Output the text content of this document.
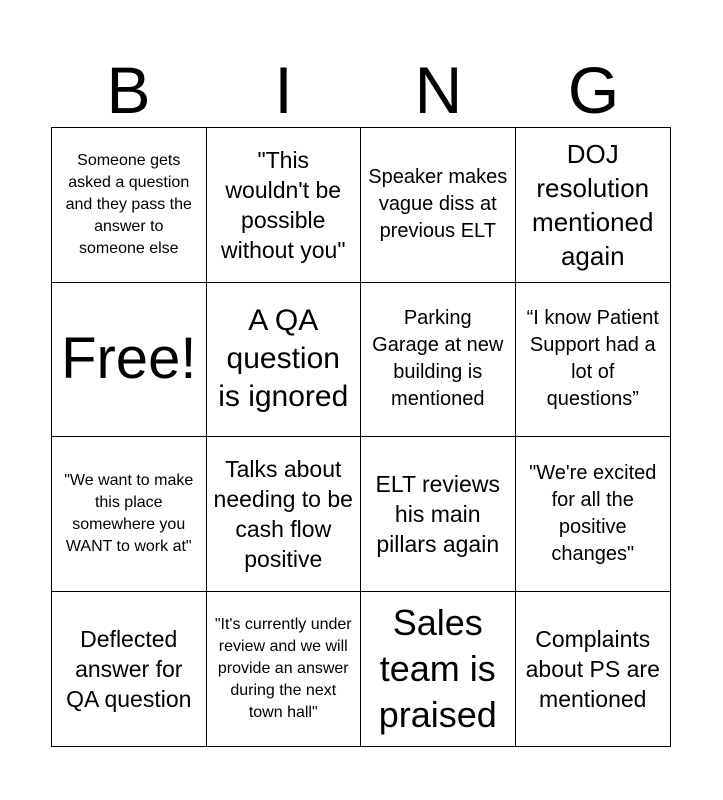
B	I	N	G
Someone gets asked a question and they pass the answer to someone else
"This wouldn't be possible without you"
Speaker makes vague diss at previous ELT
DOJ resolution mentioned again
Free!
A QA question is ignored
Parking Garage at new building is mentioned
“I know Patient Support had a lot of questions”
"We want to make this place somewhere you WANT to work at"
Talks about needing to be cash flow positive
ELT reviews his main pillars again
"We're excited for all the positive changes"
Deflected answer for QA question
"It's currently under review and we will provide an answer during the next town hall"
Sales team is praised
Complaints about PS are mentioned
